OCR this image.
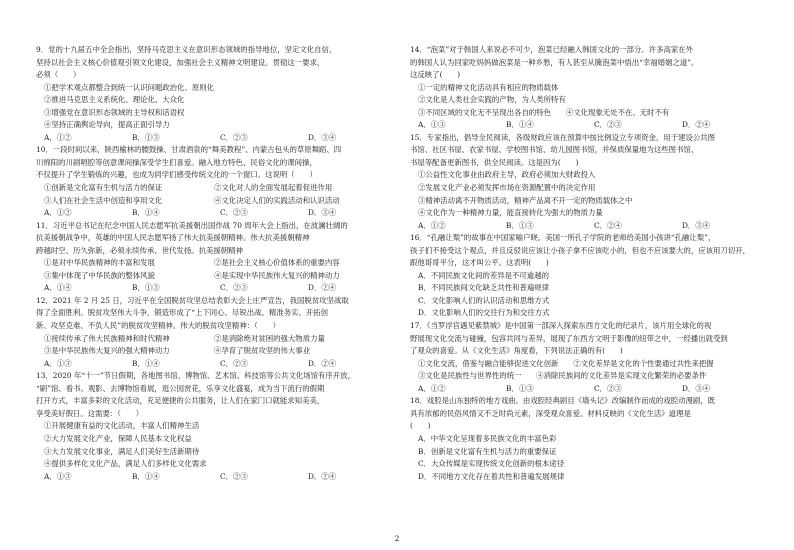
9．党的十九届五中全会指出，坚持马克思主义在意识形态领域的指导地位，坚定文化自信，
坚持以社会主义核心价值观引领文化建设，加强社会主义精神文明建设。贯彻这一要求，
必须（　　）
①把学术观点都整合到统一认识问题政治化、原则化
②推进马克思主义系统化、理论化、大众化
③增强党在意识形态领域的主导权和话语权
④坚持正确舆论导向，提高正面引导力
A．①②	B．①③	C．②③	D．③④
10．一段时间以来，陕西榆林的腰鼓操、甘肃酒泉的“舞美教程”、内蒙古包头的草原舞蹈、四
川绵阳的川剧唱腔等创意课间操深受学生们喜爱。融入地方特色、民俗文化的课间操，
不仅提升了学生锻炼的兴趣，也成为同学们感受传统文化的一个窗口。这说明（　　）
①创新是文化富有生机与活力的保证	②文化对人的全面发展起着促进作用
③人们在社会生活中创造和享用文化	④文化决定人们的实践活动和认识活动
A．①②	B．①④	C．②③	D．③④
11．习近平总书记在纪念中国人民志愿军抗美援朝出国作战 70 周年大会上指出，在波澜壮阔的
抗美援朝战争中，英雄的中国人民志愿军扬了伟大抗美援朝精神。伟大抗美援朝精神
跨越时空、历久弥新，必须永续传承、世代发扬。抗美援朝精神
①是对中华民族精神的丰富和发展	②是社会主义核心价值体系的重要内容
③集中体现了中华民族的整体风貌	④是实现中华民族伟大复兴的精神动力
A．①④	B．①③	C．②③	D．②④
12．2021 年 2 月 25 日，习近平在全国脱贫攻坚总结表彰大会上庄严宣告，我国脱贫攻坚战取
得了全面胜利。脱贫攻坚伟大斗争，锻造形成了“上下同心、尽锐出战、精准务实、开拓创
新、攻坚克难、不负人民”的脱贫攻坚精神。伟大的脱贫攻坚精神：（　　）
①接续传承了伟大民族精神和时代精神	②是消除绝对贫困的强大物质力量
③是中华民族伟大复兴的强大精神动力	④孕育了脱贫攻坚的伟大事业
A．①③	B．①④	C．②③	D．②④
13．2020 年“十一”节日假期，各地图书馆、博物馆、艺术馆、科技馆等公共文化场馆有序开放，
“刷”馆、看书、观影、去博物馆看展，逛公园赏花，乐享文化盛宴，成为当下流行的假期
打开方式，丰富多彩的文化活动，充足便捷的公共服务，让人们在家门口就能求知美美，
享受美好假日。这需要：（　　）
①开展健康有益的文化活动，丰富人们精神生活
②大力发展文化产业，保障人民基本文化权益
③大力发展文化事业，满足人们美好生活新期待
④提供多样化文化产品，满足人们多样化文化需求
A．①③	B．①④	C．②③	D．②④
14．“泡菜”对于韩国人来说必不可少，泡菜已经融入韩国文化的一部分。许多高家在外
的韩国人认为回家吃妈妈做泡菜是一种乡愁，有人甚至从腌泡菜中悟出“幸福婚姻之道”。
这反映了(　　)
①一定的精神文化活动具有相应的物质载体
②文化是人类社会实践的产物，为人类所特有
③不同区域的文化无不呈现出各自的特色　　④文化现象无处不在、无时不有
A．①③	B．①④	C．②③	D．②④
15．专家指出，倡导全民阅读，各级财政应该在预算中按比例设立专项资金，用于建设公共图
书馆、社区书屋、农家书屋、学校图书馆、幼儿园图书馆，并保质保量地为这些图书馆、
书屋等配备更新图书，供全民阅读。这是因为(　　)
①公益性文化事业由政府主导，政府必须加大财政投入
②发展文化产业必须发挥市场在资源配置中的决定作用
③精神活动离不开物质活动，精神产品离不开一定的物质载体之中
④文化作为一种精神力量，能直接转化为强大的物质力量
A．①②	B．①③	C．②④	D．③④
16．“孔融让梨”的故事在中国家喻户晓。美国一所孔子学院的老师给美国小孩讲“孔融让梨”，
孩子们不接受这个观点，并且反驳说应该让小孩子拿不应该吃小的，但也不应该要大的，应该用刀切开，
跟他哥哥平分，这才叫公平。这表明(　　)
A．不同民族文化间的差异是不可逾越的
B．不同民族间文化缺乏共性和普遍规律
C．文化影响人们的认识活动和思维方式
D．文化影响人们的交往行为和交往方式
17．《当罗浮宫遇见紫禁城》是中国第一部深入探索东西方文化的纪录片，该片用全球化的视
野展现文化交流与碰撞，包容共同与差异，展现了东西方文明于影像的纽带之中，一经播出就受到
了观众的喜爱。从《文化生活》角度看，下列说法正确的有(　　)
①文化交流，借鉴与融合能够促进文化创新　　②文化差异是文化的个性要通过共性来把握
③文化是民族性与世界性的统一　　④消除民族间的文化差异是实现文化繁荣的必要条件
A．①②	B．①③	C．②③	D．③④
18．戏腔是山东独特的地方戏曲。由戏腔经典剧目《墙头记》改编制作而成的戏腔动漫剧，既
具有浓郁的民俗风情又不乏时尚元素，深受观众喜爱。材料反映的《文化生活》道理是
(　　)
A．中华文化呈现着多民族文化的丰富色彩
B．创新是文化富有生机与活力的重要保证
C．大众传媒是实现传统文化创新的根本途径
D．不同地方文化存在着共性和普遍发展规律
2
